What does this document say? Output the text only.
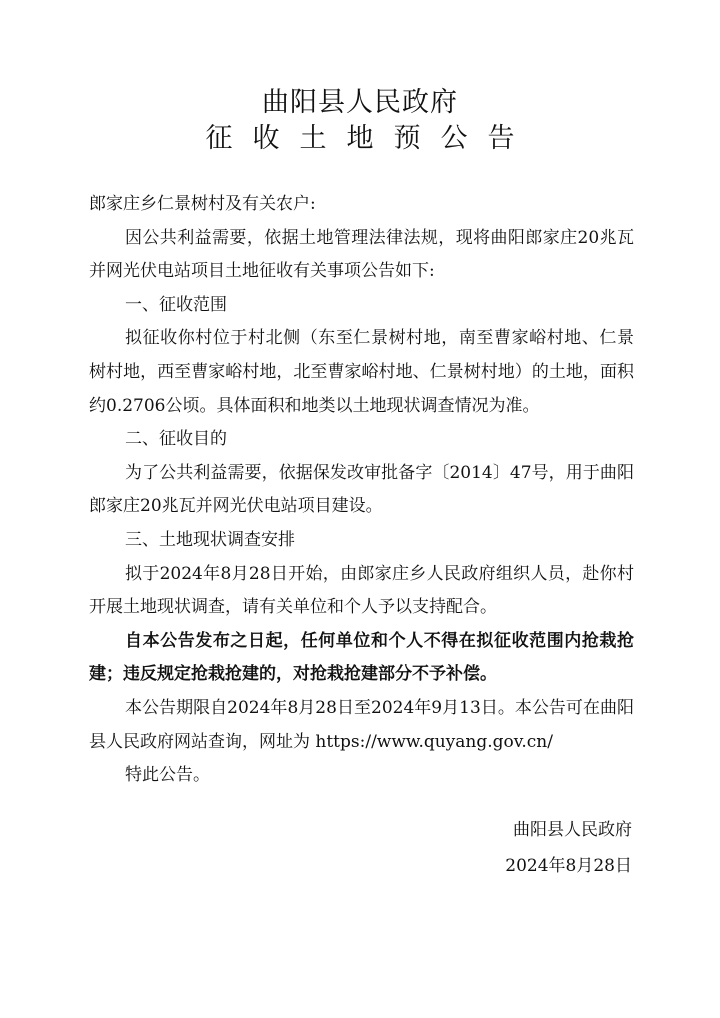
曲阳县人民政府
征收土地预公告

郎家庄乡仁景树村及有关农户:

因公共利益需要，依据土地管理法律法规，现将曲阳郎家庄20兆瓦并网光伏电站项目土地征收有关事项公告如下:

一、征收范围

拟征收你村位于村北侧（东至仁景树村地，南至曹家峪村地、仁景树村地，西至曹家峪村地，北至曹家峪村地、仁景树村地）的土地，面积约0.2706公顷。具体面积和地类以土地现状调查情况为准。

二、征收目的

为了公共利益需要，依据保发改审批备字〔2014〕47号，用于曲阳郎家庄20兆瓦并网光伏电站项目建设。

三、土地现状调查安排

拟于2024年8月28日开始，由郎家庄乡人民政府组织人员，赴你村开展土地现状调查，请有关单位和个人予以支持配合。

自本公告发布之日起，任何单位和个人不得在拟征收范围内抢栽抢建；违反规定抢栽抢建的，对抢栽抢建部分不予补偿。

本公告期限自2024年8月28日至2024年9月13日。本公告可在曲阳县人民政府网站查询，网址为 https://www.quyang.gov.cn/

特此公告。

曲阳县人民政府
2024年8月28日
